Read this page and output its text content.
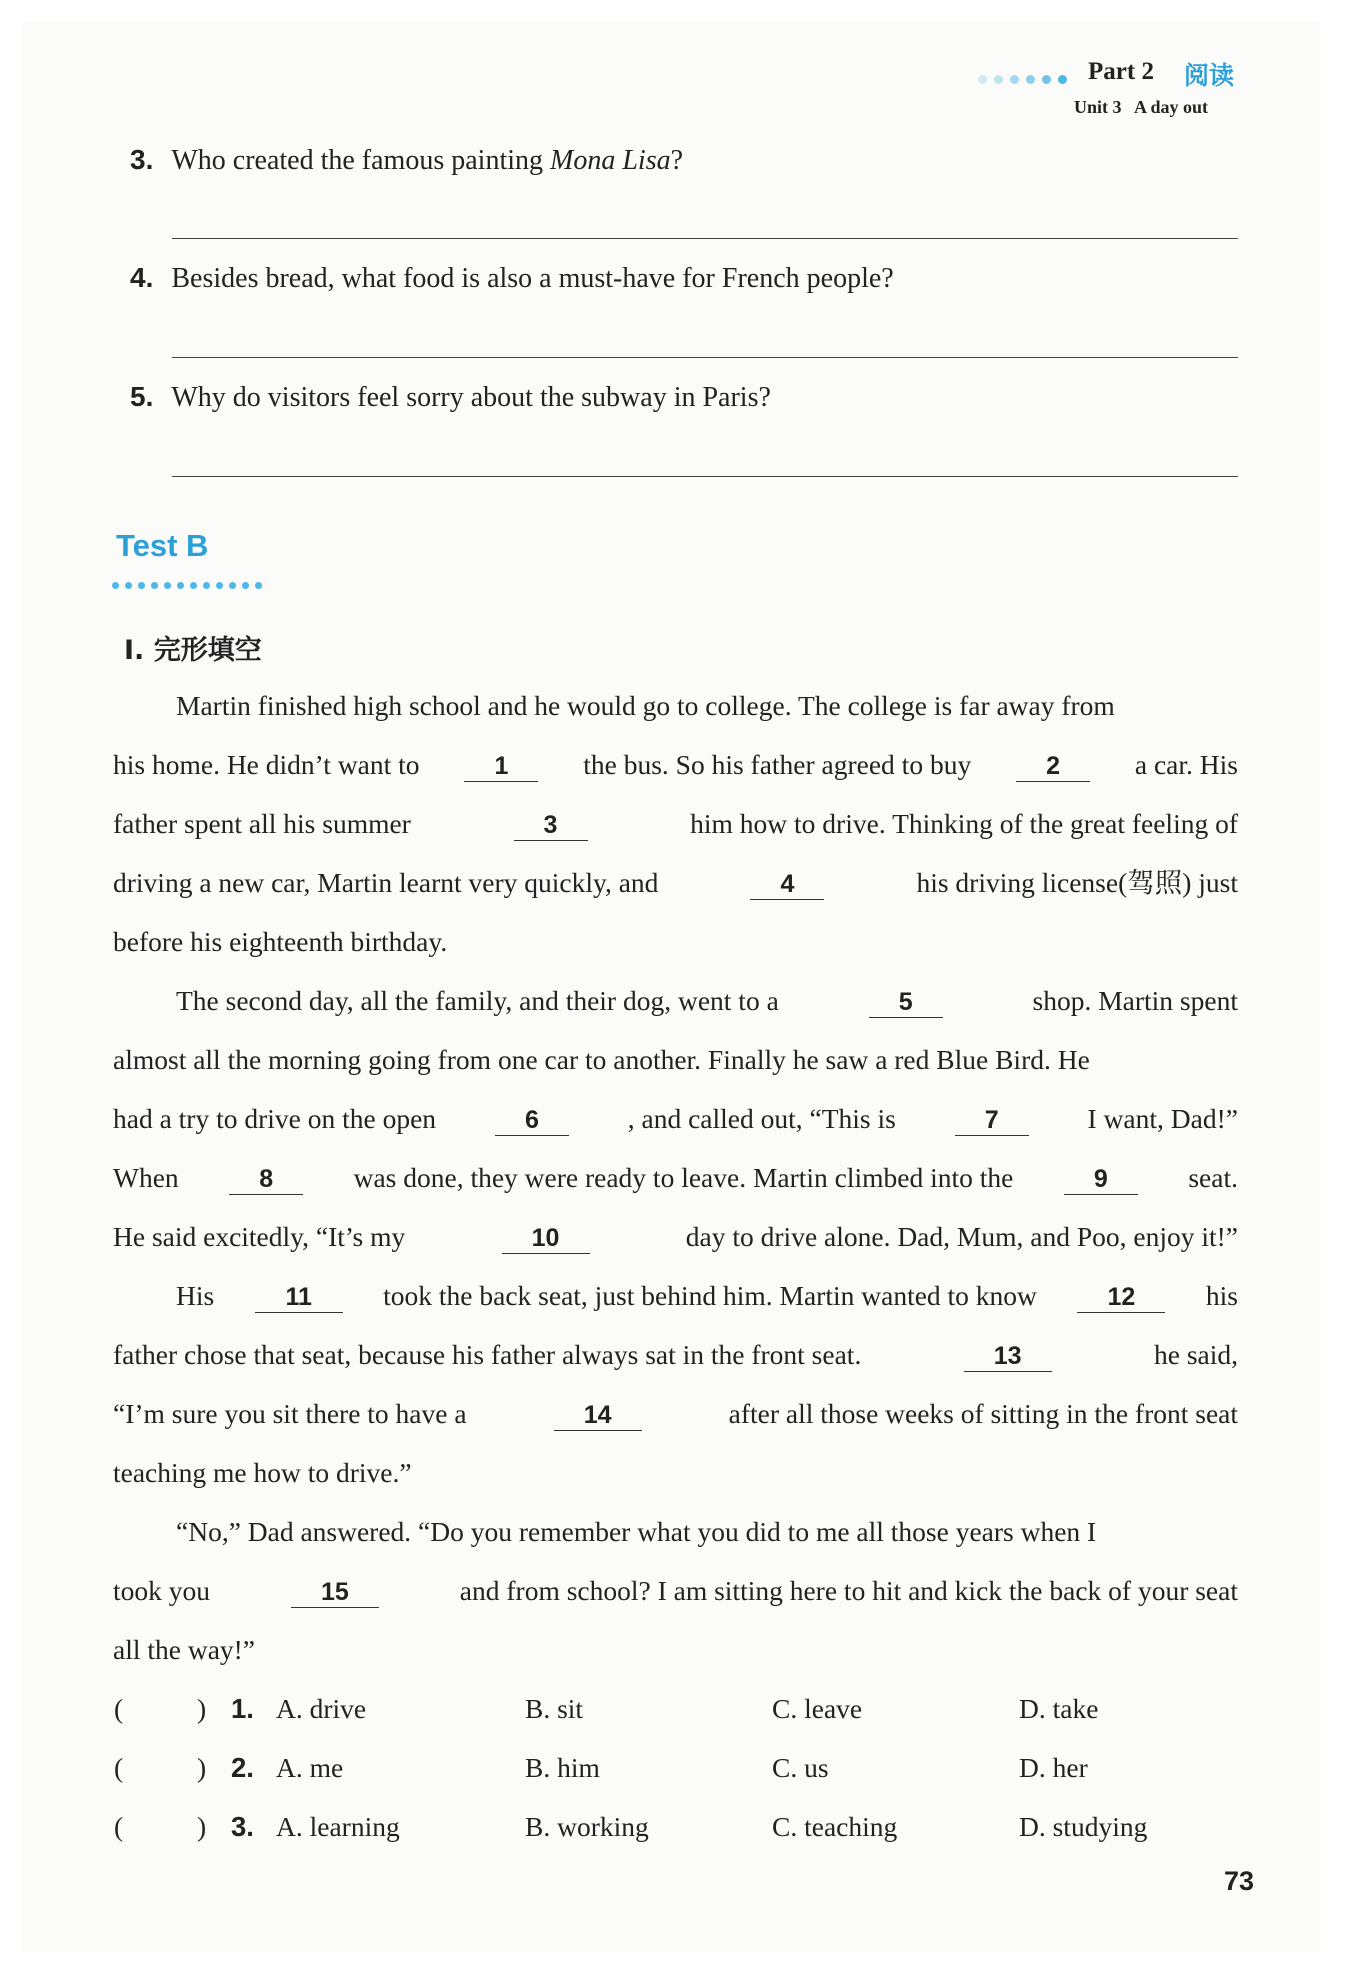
Part 2 阅读
Unit 3   A day out
3. Who created the famous painting Mona Lisa?
4. Besides bread, what food is also a must-have for French people?
5. Why do visitors feel sorry about the subway in Paris?
Test B
Ⅰ. 完形填空
Martin finished high school and he would go to college. The college is far away from
his home. He didn’t want to	1	the bus. So his father agreed to buy	2	a car. His
father spent all his summer	3	him how to drive. Thinking of the great feeling of
driving a new car, Martin learnt very quickly, and	4	his driving license(驾照) just
before his eighteenth birthday.
The second day, all the family, and their dog, went to a	5	shop. Martin spent
almost all the morning going from one car to another. Finally he saw a red Blue Bird. He
had a try to drive on the open	6	, and called out, “This is	7	I want, Dad!”
When	8	was done, they were ready to leave. Martin climbed into the	9	seat.
He said excitedly, “It’s my	10	day to drive alone. Dad, Mum, and Poo, enjoy it!”
His	11	took the back seat, just behind him. Martin wanted to know	12	his
father chose that seat, because his father always sat in the front seat.	13	he said,
“I’m sure you sit there to have a	14	after all those weeks of sitting in the front seat
teaching me how to drive.”
“No,” Dad answered. “Do you remember what you did to me all those years when I
took you	15	and from school? I am sitting here to hit and kick the back of your seat
all the way!”
(	) 1. A. drive	B. sit	C. leave	D. take
(	) 2. A. me	B. him	C. us	D. her
(	) 3. A. learning	B. working	C. teaching	D. studying
73
